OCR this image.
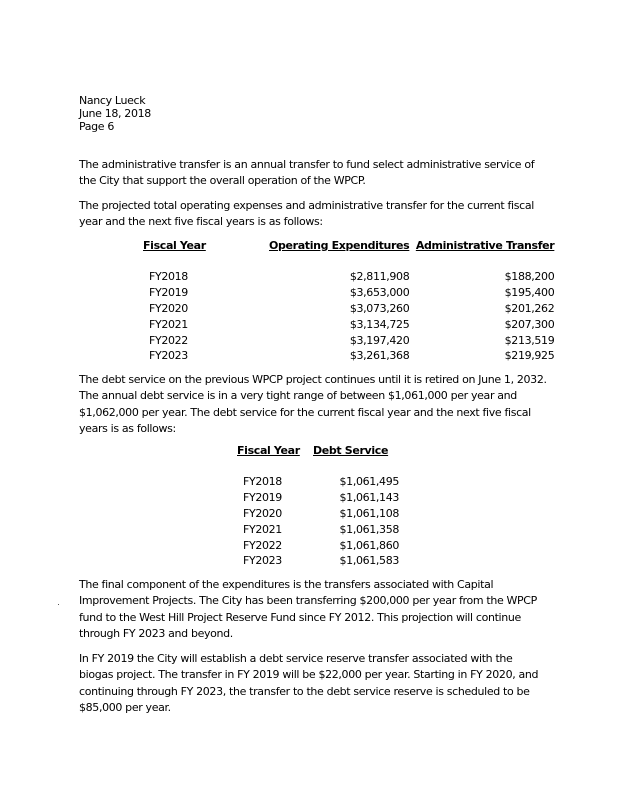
Nancy Lueck
June 18, 2018
Page 6
The administrative transfer is an annual transfer to fund select administrative service of the City that support the overall operation of the WPCP.
The projected total operating expenses and administrative transfer for the current fiscal year and the next five fiscal years is as follows:
Fiscal Year	Operating Expenditures	Administrative Transfer

FY2018	$2,811,908	$188,200
FY2019	$3,653,000	$195,400
FY2020	$3,073,260	$201,262
FY2021	$3,134,725	$207,300
FY2022	$3,197,420	$213,519
FY2023	$3,261,368	$219,925
The debt service on the previous WPCP project continues until it is retired on June 1, 2032. The annual debt service is in a very tight range of between $1,061,000 per year and $1,062,000 per year. The debt service for the current fiscal year and the next five fiscal years is as follows:
Fiscal Year	Debt Service

FY2018	$1,061,495
FY2019	$1,061,143
FY2020	$1,061,108
FY2021	$1,061,358
FY2022	$1,061,860
FY2023	$1,061,583
The final component of the expenditures is the transfers associated with Capital Improvement Projects. The City has been transferring $200,000 per year from the WPCP fund to the West Hill Project Reserve Fund since FY 2012. This projection will continue through FY 2023 and beyond.
In FY 2019 the City will establish a debt service reserve transfer associated with the biogas project. The transfer in FY 2019 will be $22,000 per year. Starting in FY 2020, and continuing through FY 2023, the transfer to the debt service reserve is scheduled to be $85,000 per year.
